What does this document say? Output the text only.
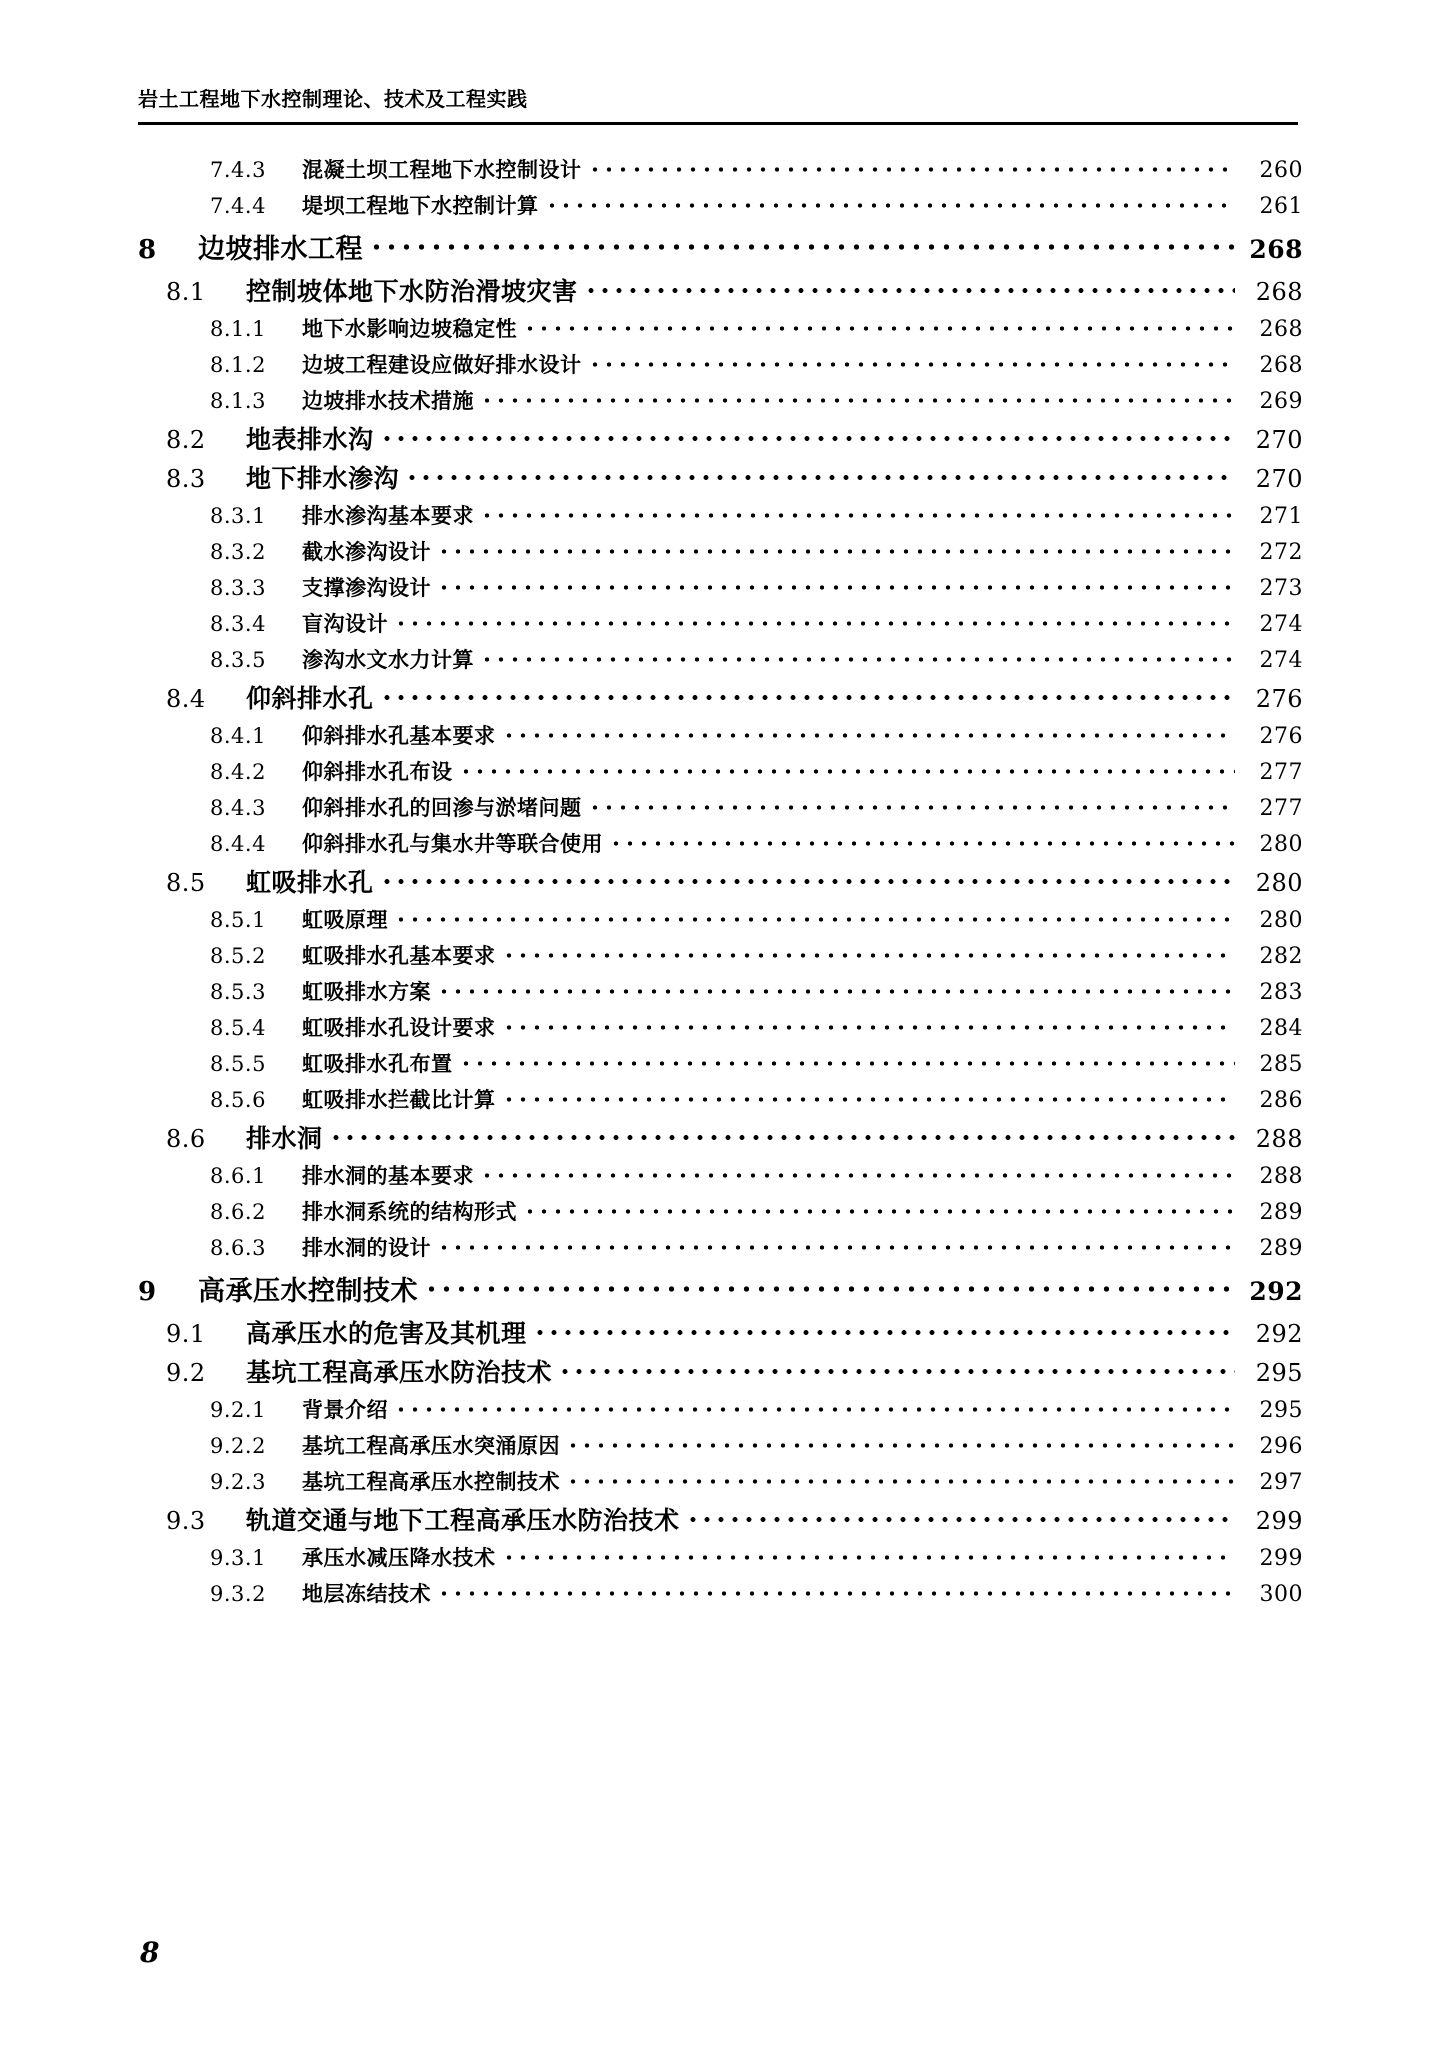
岩土工程地下水控制理论、技术及工程实践
7.4.3	混凝土坝工程地下水控制设计	260
7.4.4	堤坝工程地下水控制计算	261
8	边坡排水工程	268
8.1	控制坡体地下水防治滑坡灾害	268
8.1.1	地下水影响边坡稳定性	268
8.1.2	边坡工程建设应做好排水设计	268
8.1.3	边坡排水技术措施	269
8.2	地表排水沟	270
8.3	地下排水渗沟	270
8.3.1	排水渗沟基本要求	271
8.3.2	截水渗沟设计	272
8.3.3	支撑渗沟设计	273
8.3.4	盲沟设计	274
8.3.5	渗沟水文水力计算	274
8.4	仰斜排水孔	276
8.4.1	仰斜排水孔基本要求	276
8.4.2	仰斜排水孔布设	277
8.4.3	仰斜排水孔的回渗与淤堵问题	277
8.4.4	仰斜排水孔与集水井等联合使用	280
8.5	虹吸排水孔	280
8.5.1	虹吸原理	280
8.5.2	虹吸排水孔基本要求	282
8.5.3	虹吸排水方案	283
8.5.4	虹吸排水孔设计要求	284
8.5.5	虹吸排水孔布置	285
8.5.6	虹吸排水拦截比计算	286
8.6	排水洞	288
8.6.1	排水洞的基本要求	288
8.6.2	排水洞系统的结构形式	289
8.6.3	排水洞的设计	289
9	高承压水控制技术	292
9.1	高承压水的危害及其机理	292
9.2	基坑工程高承压水防治技术	295
9.2.1	背景介绍	295
9.2.2	基坑工程高承压水突涌原因	296
9.2.3	基坑工程高承压水控制技术	297
9.3	轨道交通与地下工程高承压水防治技术	299
9.3.1	承压水减压降水技术	299
9.3.2	地层冻结技术	300
8
